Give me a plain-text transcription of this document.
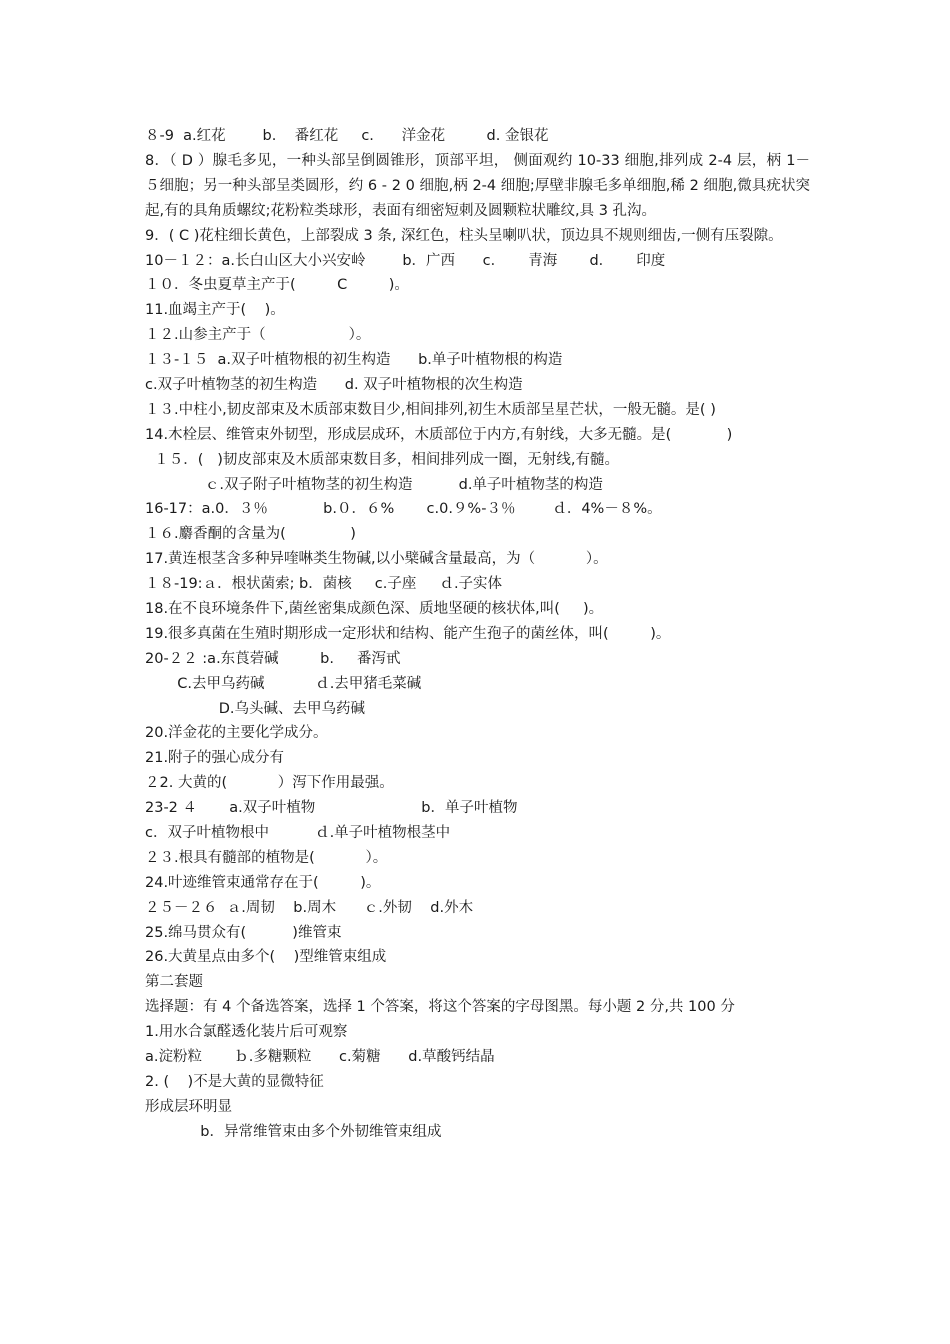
８-9  a.红花        b.    番红花     c.      洋金花         d. 金银花

8．（ D ）腺毛多见，一种头部呈倒圆锥形，顶部平坦， 侧面观约 10-33 细胞,排列成 2-4 层，柄 1－５细胞；另一种头部呈类圆形，约 6 - 2 0 细胞,柄 2-4 细胞;厚壁非腺毛多单细胞,稀 2 细胞,微具疣状突起,有的具角质螺纹;花粉粒类球形，表面有细密短刺及圆颗粒状雕纹,具 3 孔沟。

9．( C )花柱细长黄色，上部裂成 3 条, 深红色，柱头呈喇叭状，顶边具不规则细齿,一侧有压裂隙。

10－１２：a.长白山区大小兴安岭        b．广西      c．     青海       d．     印度

１０．冬虫夏草主产于(         C         )。

11.血竭主产于(    )。

１２.山参主产于（                  ）。

１３-１５  a.双子叶植物根的初生构造      b.单子叶植物根的构造

c.双子叶植物茎的初生构造      d. 双子叶植物根的次生构造

１３.中柱小,韧皮部束及木质部束数目少,相间排列,初生木质部呈星芒状，一般无髓。是( )

14.木栓层、维管束外韧型，形成层成环，木质部位于内方,有射线，大多无髓。是(            )

１５．(   )韧皮部束及木质部束数目多，相间排列成一圈，无射线,有髓。

ｃ.双子附子叶植物茎的初生构造          d.单子叶植物茎的构造

16-17：a.0．３％            b.０．６%       c.0.９%-３％        ｄ．4%－８%。

１６.麝香酮的含量为(              )

17.黄连根茎含多种异喹啉类生物碱,以小檗碱含量最高，为（           ）。

１８-19:ａ．根状菌索; b．菌核     c.子座     ｄ.子实体

18.在不良环境条件下,菌丝密集成颜色深、质地坚硬的核状体,叫(     )。

19.很多真菌在生殖时期形成一定形状和结构、能产生孢子的菌丝体，叫(         )。

20-２２ :a.东莨菪碱         b.     番泻甙

C.去甲乌药碱           ｄ.去甲猪毛菜碱

D.乌头碱、去甲乌药碱

20.洋金花的主要化学成分。

21.附子的强心成分有

２2. 大黄的(           ）泻下作用最强。

23-2 ４       a.双子叶植物                       b．单子叶植物

c．双子叶植物根中          ｄ.单子叶植物根茎中

２３.根具有髓部的植物是(           ）。

24.叶迹维管束通常存在于(         )。

２５－２６  ａ.周韧    b.周木      ｃ.外韧    d.外木

25.绵马贯众有(          )维管束

26.大黄星点由多个(    )型维管束组成

第二套题

选择题：有 4 个备选答案，选择 1 个答案，将这个答案的字母图黑。每小题 2 分,共 100 分

1.用水合氯醛透化装片后可观察

a.淀粉粒       ｂ.多糖颗粒      c.菊糖      d.草酸钙结晶

2. (    )不是大黄的显微特征

形成层环明显

b．异常维管束由多个外韧维管束组成
